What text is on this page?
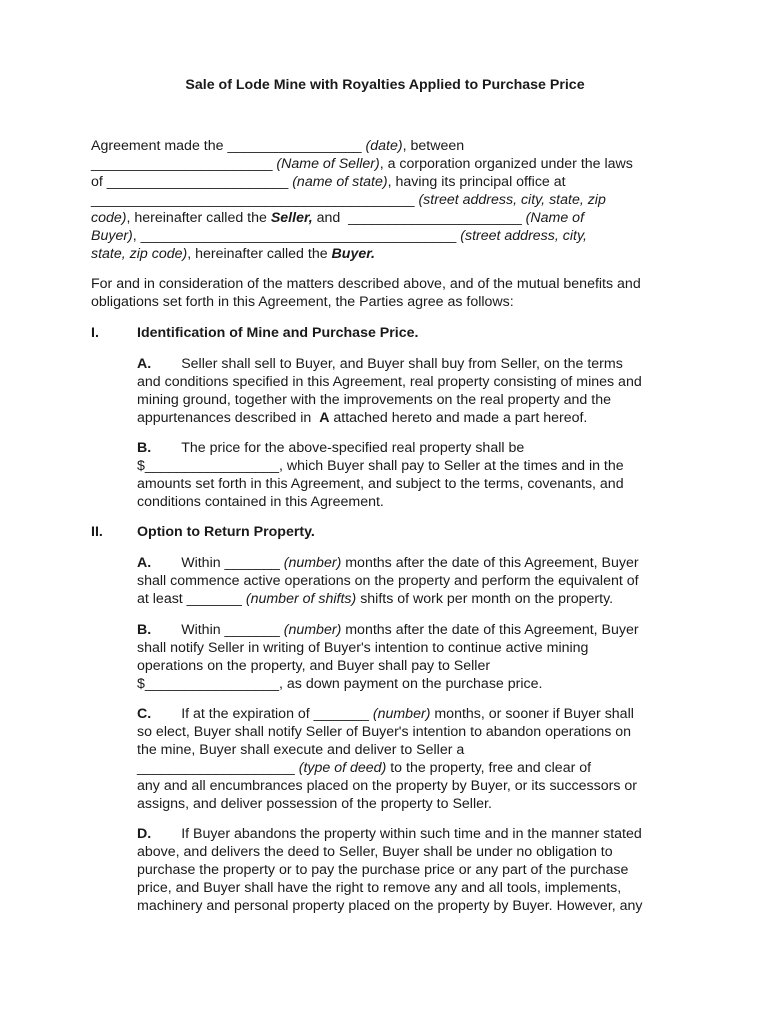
Sale of Lode Mine with Royalties Applied to Purchase Price
Agreement made the _________________ (date), between
_______________________ (Name of Seller), a corporation organized under the laws
of _______________________ (name of state), having its principal office at
_________________________________________ (street address, city, state, zip
code), hereinafter called the Seller, and  ______________________ (Name of
Buyer), ________________________________________ (street address, city,
state, zip code), hereinafter called the Buyer.
For and in consideration of the matters described above, and of the mutual benefits and
obligations set forth in this Agreement, the Parties agree as follows:
I.	Identification of Mine and Purchase Price.
A. Seller shall sell to Buyer, and Buyer shall buy from Seller, on the terms
and conditions specified in this Agreement, real property consisting of mines and
mining ground, together with the improvements on the real property and the
appurtenances described in  A attached hereto and made a part hereof.
B. The price for the above-specified real property shall be
$_________________, which Buyer shall pay to Seller at the times and in the
amounts set forth in this Agreement, and subject to the terms, covenants, and
conditions contained in this Agreement.
II. Option to Return Property.
A. Within _______ (number) months after the date of this Agreement, Buyer
shall commence active operations on the property and perform the equivalent of
at least _______ (number of shifts) shifts of work per month on the property.
B. Within _______ (number) months after the date of this Agreement, Buyer
shall notify Seller in writing of Buyer's intention to continue active mining
operations on the property, and Buyer shall pay to Seller
$_________________, as down payment on the purchase price.
C. If at the expiration of _______ (number) months, or sooner if Buyer shall
so elect, Buyer shall notify Seller of Buyer's intention to abandon operations on
the mine, Buyer shall execute and deliver to Seller a
____________________ (type of deed) to the property, free and clear of
any and all encumbrances placed on the property by Buyer, or its successors or
assigns, and deliver possession of the property to Seller.
D. If Buyer abandons the property within such time and in the manner stated
above, and delivers the deed to Seller, Buyer shall be under no obligation to
purchase the property or to pay the purchase price or any part of the purchase
price, and Buyer shall have the right to remove any and all tools, implements,
machinery and personal property placed on the property by Buyer. However, any
